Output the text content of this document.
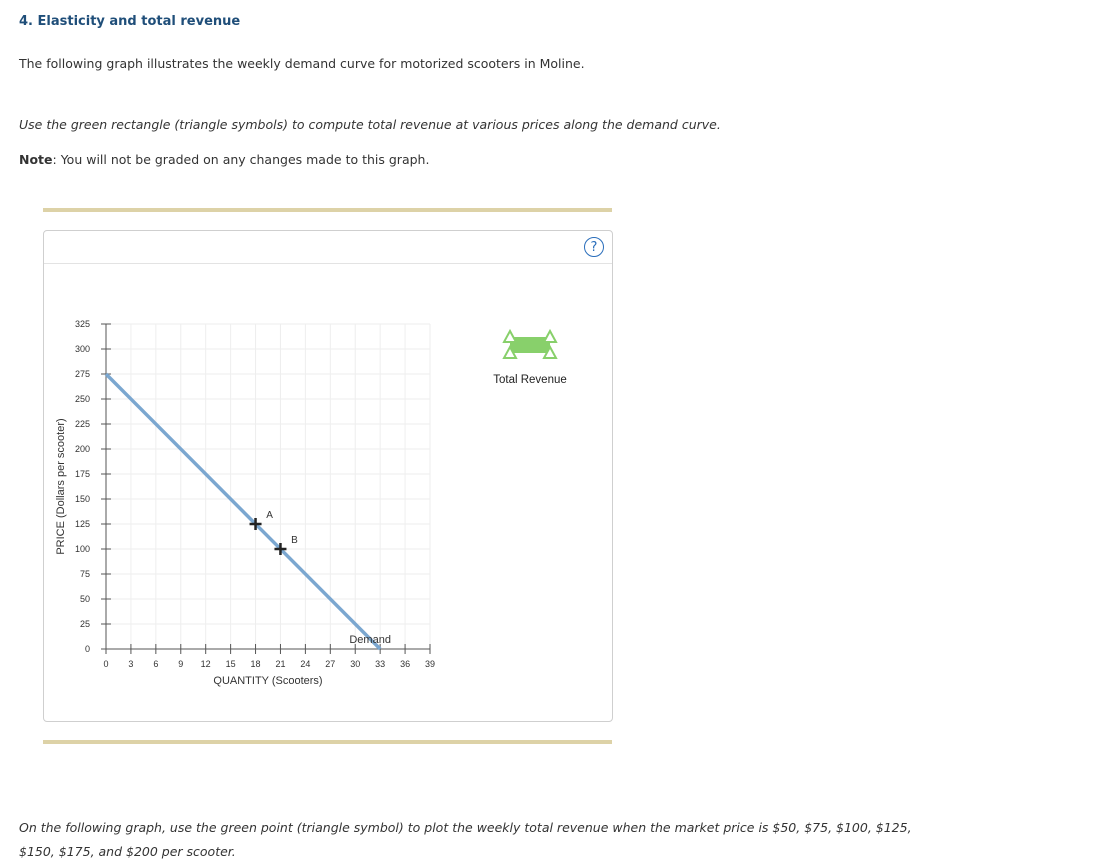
4. Elasticity and total revenue
The following graph illustrates the weekly demand curve for motorized scooters in Moline.
Use the green rectangle (triangle symbols) to compute total revenue at various prices along the demand curve.
Note: You will not be graded on any changes made to this graph.
?
0
25
50
75
100
125
150
175
200
225
250
275
300
325
0 3 6 9 12 15 18 21 24 27 30 33 36 39
QUANTITY (Scooters)
PRICE (Dollars per scooter)
Demand
A
B
Total Revenue
On the following graph, use the green point (triangle symbol) to plot the weekly total revenue when the market price is $50, $75, $100, $125, $150, $175, and $200 per scooter.
